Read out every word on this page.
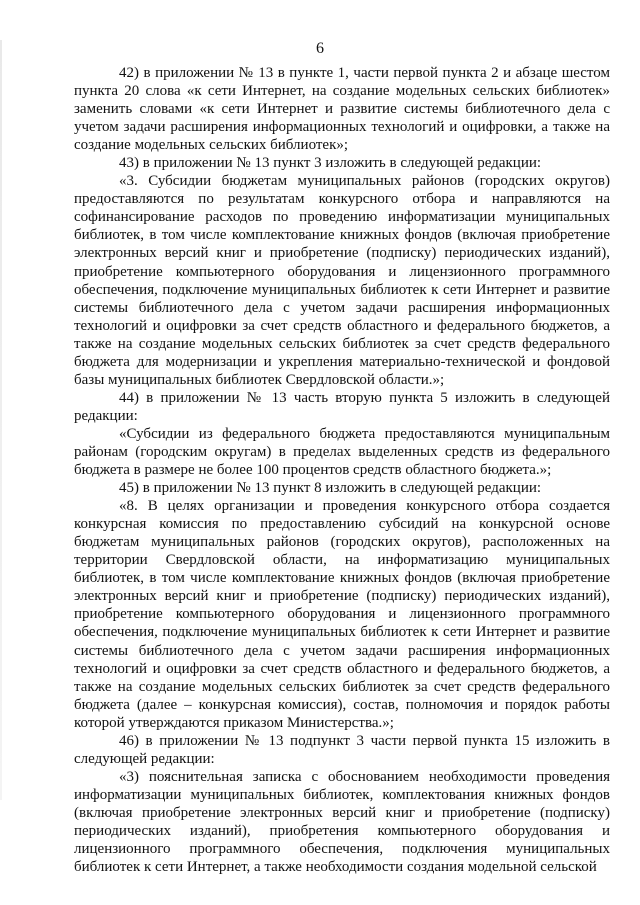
6

42) в приложении № 13 в пункте 1, части первой пункта 2 и абзаце шестом пункта 20 слова «к сети Интернет, на создание модельных сельских библиотек» заменить словами «к сети Интернет и развитие системы библиотечного дела с учетом задачи расширения информационных технологий и оцифровки, а также на создание модельных сельских библиотек»;

43) в приложении № 13 пункт 3 изложить в следующей редакции:

«3. Субсидии бюджетам муниципальных районов (городских округов) предоставляются по результатам конкурсного отбора и направляются на софинансирование расходов по проведению информатизации муниципальных библиотек, в том числе комплектование книжных фондов (включая приобретение электронных версий книг и приобретение (подписку) периодических изданий), приобретение компьютерного оборудования и лицензионного программного обеспечения, подключение муниципальных библиотек к сети Интернет и развитие системы библиотечного дела с учетом задачи расширения информационных технологий и оцифровки за счет средств областного и федерального бюджетов, а также на создание модельных сельских библиотек за счет средств федерального бюджета для модернизации и укрепления материально-технической и фондовой базы муниципальных библиотек Свердловской области.»;

44) в приложении № 13 часть вторую пункта 5 изложить в следующей редакции:

«Субсидии из федерального бюджета предоставляются муниципальным районам (городским округам) в пределах выделенных средств из федерального бюджета в размере не более 100 процентов средств областного бюджета.»;

45) в приложении № 13 пункт 8 изложить в следующей редакции:

«8. В целях организации и проведения конкурсного отбора создается конкурсная комиссия по предоставлению субсидий на конкурсной основе бюджетам муниципальных районов (городских округов), расположенных на территории Свердловской области, на информатизацию муниципальных библиотек, в том числе комплектование книжных фондов (включая приобретение электронных версий книг и приобретение (подписку) периодических изданий), приобретение компьютерного оборудования и лицензионного программного обеспечения, подключение муниципальных библиотек к сети Интернет и развитие системы библиотечного дела с учетом задачи расширения информационных технологий и оцифровки за счет средств областного и федерального бюджетов, а также на создание модельных сельских библиотек за счет средств федерального бюджета (далее – конкурсная комиссия), состав, полномочия и порядок работы которой утверждаются приказом Министерства.»;

46) в приложении № 13 подпункт 3 части первой пункта 15 изложить в следующей редакции:

«3) пояснительная записка с обоснованием необходимости проведения информатизации муниципальных библиотек, комплектования книжных фондов (включая приобретение электронных версий книг и приобретение (подписку) периодических изданий), приобретения компьютерного оборудования и лицензионного программного обеспечения, подключения муниципальных библиотек к сети Интернет, а также необходимости создания модельной сельской
